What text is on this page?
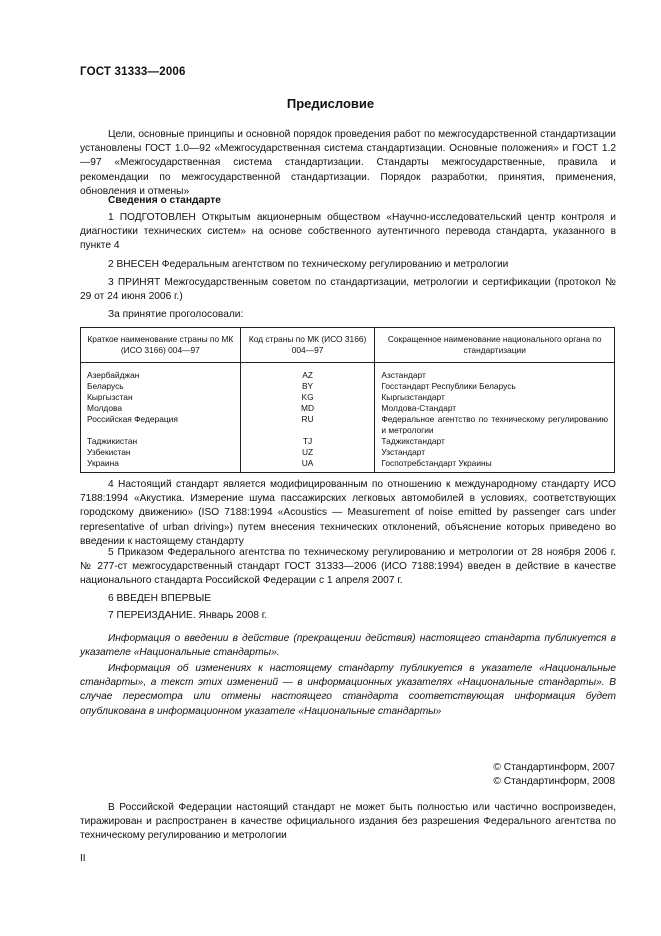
ГОСТ 31333—2006
Предисловие
Цели, основные принципы и основной порядок проведения работ по межгосударственной стандартизации установлены ГОСТ 1.0—92 «Межгосударственная система стандартизации. Основные положения» и ГОСТ 1.2—97 «Межгосударственная система стандартизации. Стандарты межгосударственные, правила и рекомендации по межгосударственной стандартизации. Порядок разработки, принятия, применения, обновления и отмены»
Сведения о стандарте
1 ПОДГОТОВЛЕН Открытым акционерным обществом «Научно-исследовательский центр контроля и диагностики технических систем» на основе собственного аутентичного перевода стандарта, указанного в пункте 4
2 ВНЕСЕН Федеральным агентством по техническому регулированию и метрологии
3 ПРИНЯТ Межгосударственным советом по стандартизации, метрологии и сертификации (протокол № 29 от 24 июня 2006 г.)
За принятие проголосовали:
Краткое наименование страны по МК (ИСО 3166) 004—97	Код страны по МК (ИСО 3166) 004—97	Сокращенное наименование национального органа по стандартизации
Азербайджан	AZ	Азстандарт
Беларусь	BY	Госстандарт Республики Беларусь
Кыргызстан	KG	Кыргызстандарт
Молдова	MD	Молдова-Стандарт
Российская Федерация	RU	Федеральное агентство по техническому регулированию и метрологии
Таджикистан	TJ	Таджикстандарт
Узбекистан	UZ	Узстандарт
Украина	UA	Госпотребстандарт Украины
4 Настоящий стандарт является модифицированным по отношению к международному стандарту ИСО 7188:1994 «Акустика. Измерение шума пассажирских легковых автомобилей в условиях, соответствующих городскому движению» (ISO 7188:1994 «Acoustics — Measurement of noise emitted by passenger cars under representative of urban driving») путем внесения технических отклонений, объяснение которых приведено во введении к настоящему стандарту
5 Приказом Федерального агентства по техническому регулированию и метрологии от 28 ноября 2006 г. № 277-ст межгосударственный стандарт ГОСТ 31333—2006 (ИСО 7188:1994) введен в действие в качестве национального стандарта Российской Федерации с 1 апреля 2007 г.
6 ВВЕДЕН ВПЕРВЫЕ
7 ПЕРЕИЗДАНИЕ. Январь 2008 г.
Информация о введении в действие (прекращении действия) настоящего стандарта публикуется в указателе «Национальные стандарты».
Информация об изменениях к настоящему стандарту публикуется в указателе «Национальные стандарты», а текст этих изменений — в информационных указателях «Национальные стандарты». В случае пересмотра или отмены настоящего стандарта соответствующая информация будет опубликована в информационном указателе «Национальные стандарты»
© Стандартинформ, 2007
© Стандартинформ, 2008
В Российской Федерации настоящий стандарт не может быть полностью или частично воспроизведен, тиражирован и распространен в качестве официального издания без разрешения Федерального агентства по техническому регулированию и метрологии
II
